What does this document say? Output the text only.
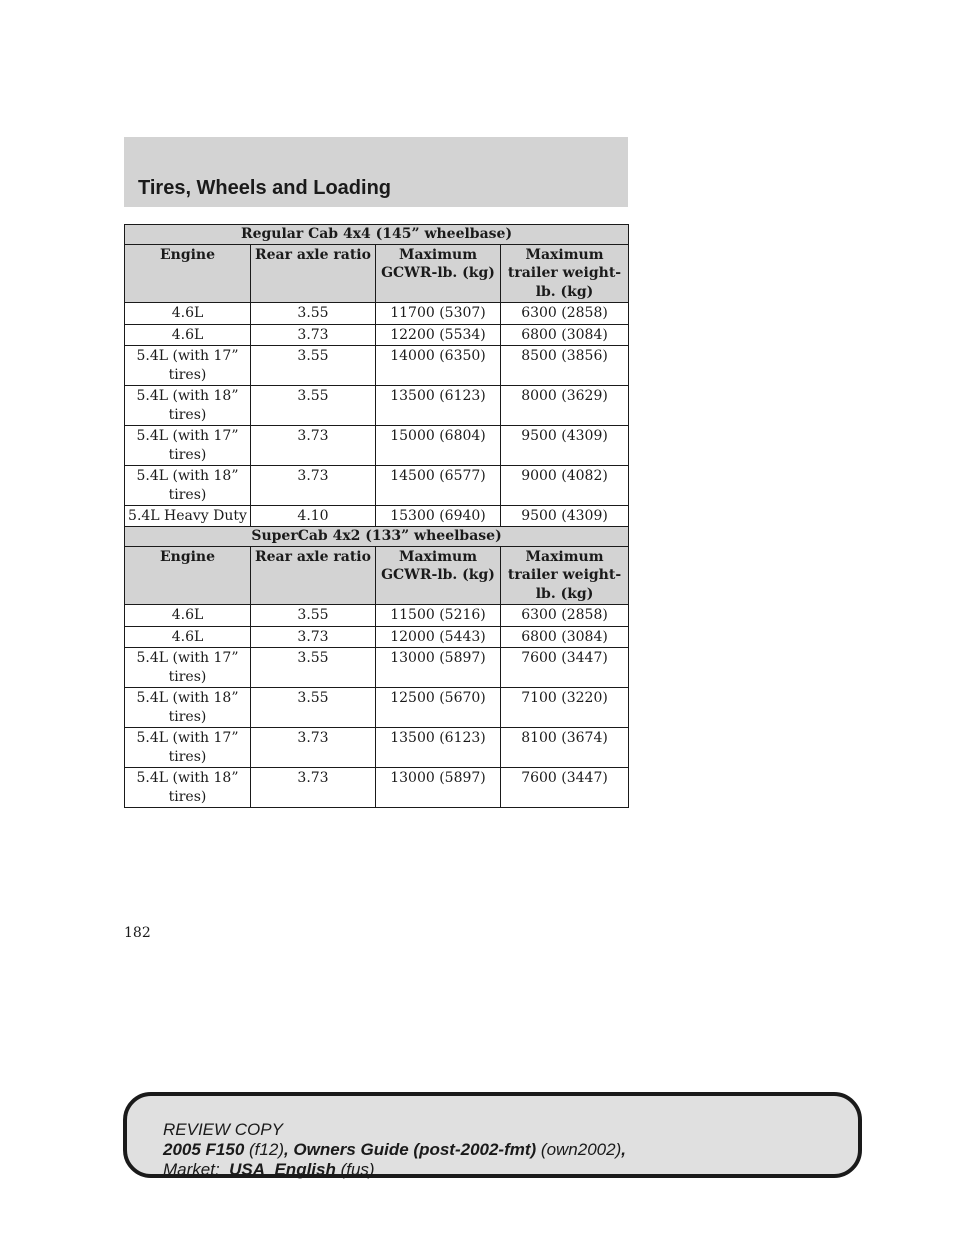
Tires, Wheels and Loading
Regular Cab 4x4 (145” wheelbase)			
Engine	Rear axle ratio	Maximum GCWR-lb. (kg)	Maximum trailer weight-lb. (kg)
4.6L	3.55	11700 (5307)	6300 (2858)
4.6L	3.73	12200 (5534)	6800 (3084)
5.4L (with 17” tires)	3.55	14000 (6350)	8500 (3856)
5.4L (with 18” tires)	3.55	13500 (6123)	8000 (3629)
5.4L (with 17” tires)	3.73	15000 (6804)	9500 (4309)
5.4L (with 18” tires)	3.73	14500 (6577)	9000 (4082)
5.4L Heavy Duty	4.10	15300 (6940)	9500 (4309)
SuperCab 4x2 (133” wheelbase)			
Engine	Rear axle ratio	Maximum GCWR-lb. (kg)	Maximum trailer weight-lb. (kg)
4.6L	3.55	11500 (5216)	6300 (2858)
4.6L	3.73	12000 (5443)	6800 (3084)
5.4L (with 17” tires)	3.55	13000 (5897)	7600 (3447)
5.4L (with 18” tires)	3.55	12500 (5670)	7100 (3220)
5.4L (with 17” tires)	3.73	13500 (6123)	8100 (3674)
5.4L (with 18” tires)	3.73	13000 (5897)	7600 (3447)
182
REVIEW COPY
2005 F150 (f12), Owners Guide (post-2002-fmt) (own2002),
Market:  USA_English (fus)
